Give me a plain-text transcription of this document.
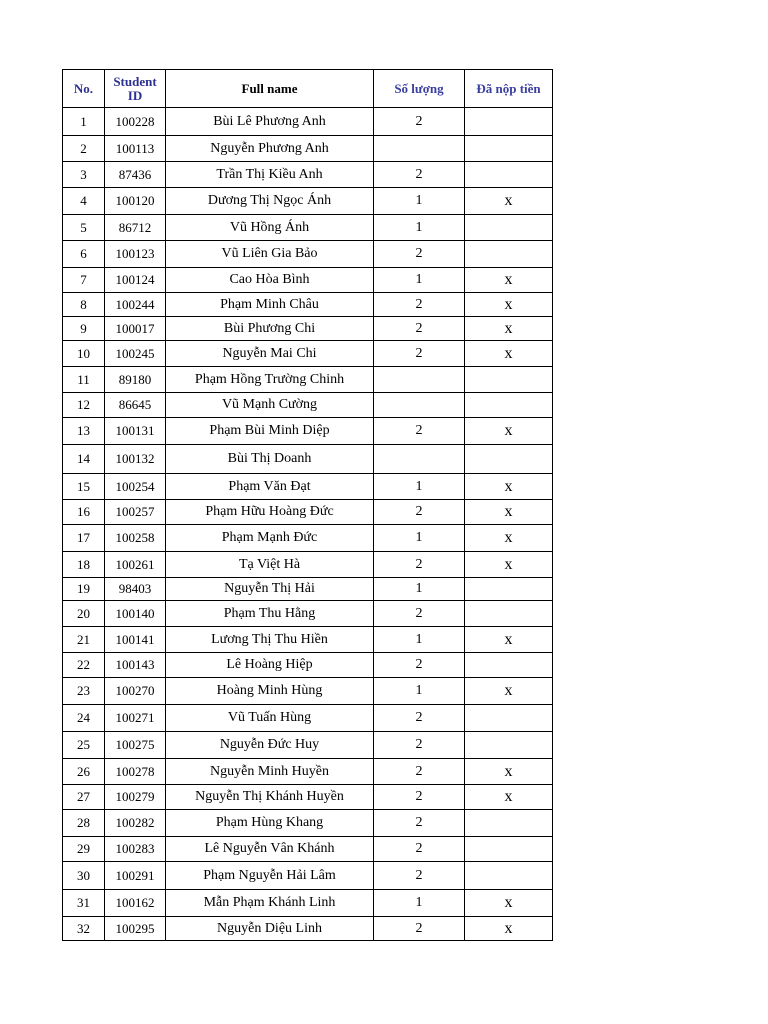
No.	Student ID	Full name	Số lượng	Đã nộp tiền
1	100228	Bùi Lê Phương Anh	2	
2	100113	Nguyễn Phương Anh		
3	87436	Trần Thị Kiều Anh	2	
4	100120	Dương Thị Ngọc Ánh	1	x
5	86712	Vũ Hồng Ánh	1	
6	100123	Vũ Liên Gia Bảo	2	
7	100124	Cao Hòa Bình	1	x
8	100244	Phạm Minh Châu	2	x
9	100017	Bùi Phương Chi	2	x
10	100245	Nguyễn Mai Chi	2	x
11	89180	Phạm Hồng Trường Chinh		
12	86645	Vũ Mạnh Cường		
13	100131	Phạm Bùi Minh Diệp	2	x
14	100132	Bùi Thị Doanh		
15	100254	Phạm Văn Đạt	1	x
16	100257	Phạm Hữu Hoàng Đức	2	x
17	100258	Phạm Mạnh Đức	1	x
18	100261	Tạ Việt Hà	2	x
19	98403	Nguyễn Thị Hải	1	
20	100140	Phạm Thu Hằng	2	
21	100141	Lương Thị Thu Hiền	1	x
22	100143	Lê Hoàng Hiệp	2	
23	100270	Hoàng Minh Hùng	1	x
24	100271	Vũ Tuấn Hùng	2	
25	100275	Nguyễn Đức Huy	2	
26	100278	Nguyễn Minh Huyền	2	x
27	100279	Nguyễn Thị Khánh Huyền	2	x
28	100282	Phạm Hùng Khang	2	
29	100283	Lê Nguyễn Vân Khánh	2	
30	100291	Phạm Nguyễn Hải Lâm	2	
31	100162	Mẫn Phạm Khánh Linh	1	x
32	100295	Nguyễn Diệu Linh	2	x
